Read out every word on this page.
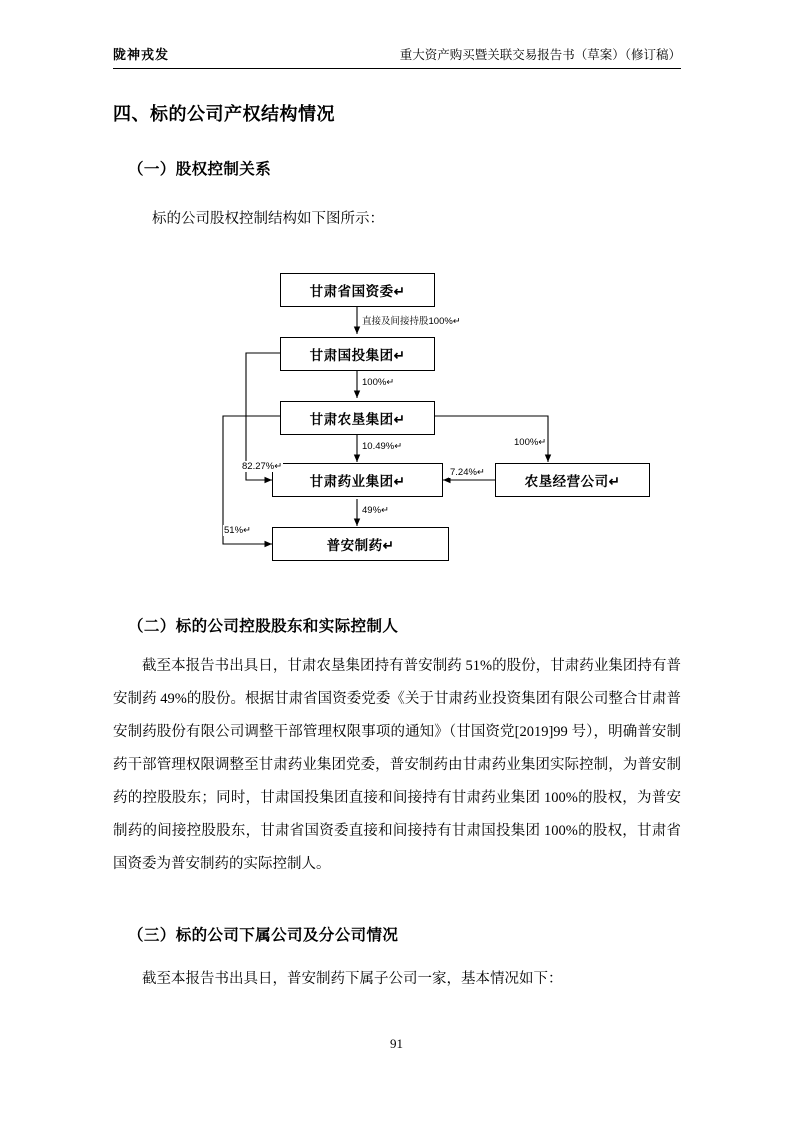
陇神戎发	重大资产购买暨关联交易报告书（草案）（修订稿）
四、标的公司产权结构情况
（一）股权控制关系
标的公司股权控制结构如下图所示：
甘肃省国资委↵
甘肃国投集团↵
甘肃农垦集团↵
甘肃药业集团↵	农垦经营公司↵
普安制药↵
直接及间接持股100%↵
100%↵
10.49%↵	100%↵
82.27%↵
7.24%↵
49%↵
51%↵
（二）标的公司控股股东和实际控制人
截至本报告书出具日，甘肃农垦集团持有普安制药 51%的股份，甘肃药业集团持有普安制药 49%的股份。根据甘肃省国资委党委《关于甘肃药业投资集团有限公司整合甘肃普安制药股份有限公司调整干部管理权限事项的通知》（甘国资党[2019]99 号），明确普安制药干部管理权限调整至甘肃药业集团党委，普安制药由甘肃药业集团实际控制，为普安制药的控股股东；同时，甘肃国投集团直接和间接持有甘肃药业集团 100%的股权，为普安制药的间接控股股东，甘肃省国资委直接和间接持有甘肃国投集团 100%的股权，甘肃省国资委为普安制药的实际控制人。
（三）标的公司下属公司及分公司情况
截至本报告书出具日，普安制药下属子公司一家，基本情况如下：
91
